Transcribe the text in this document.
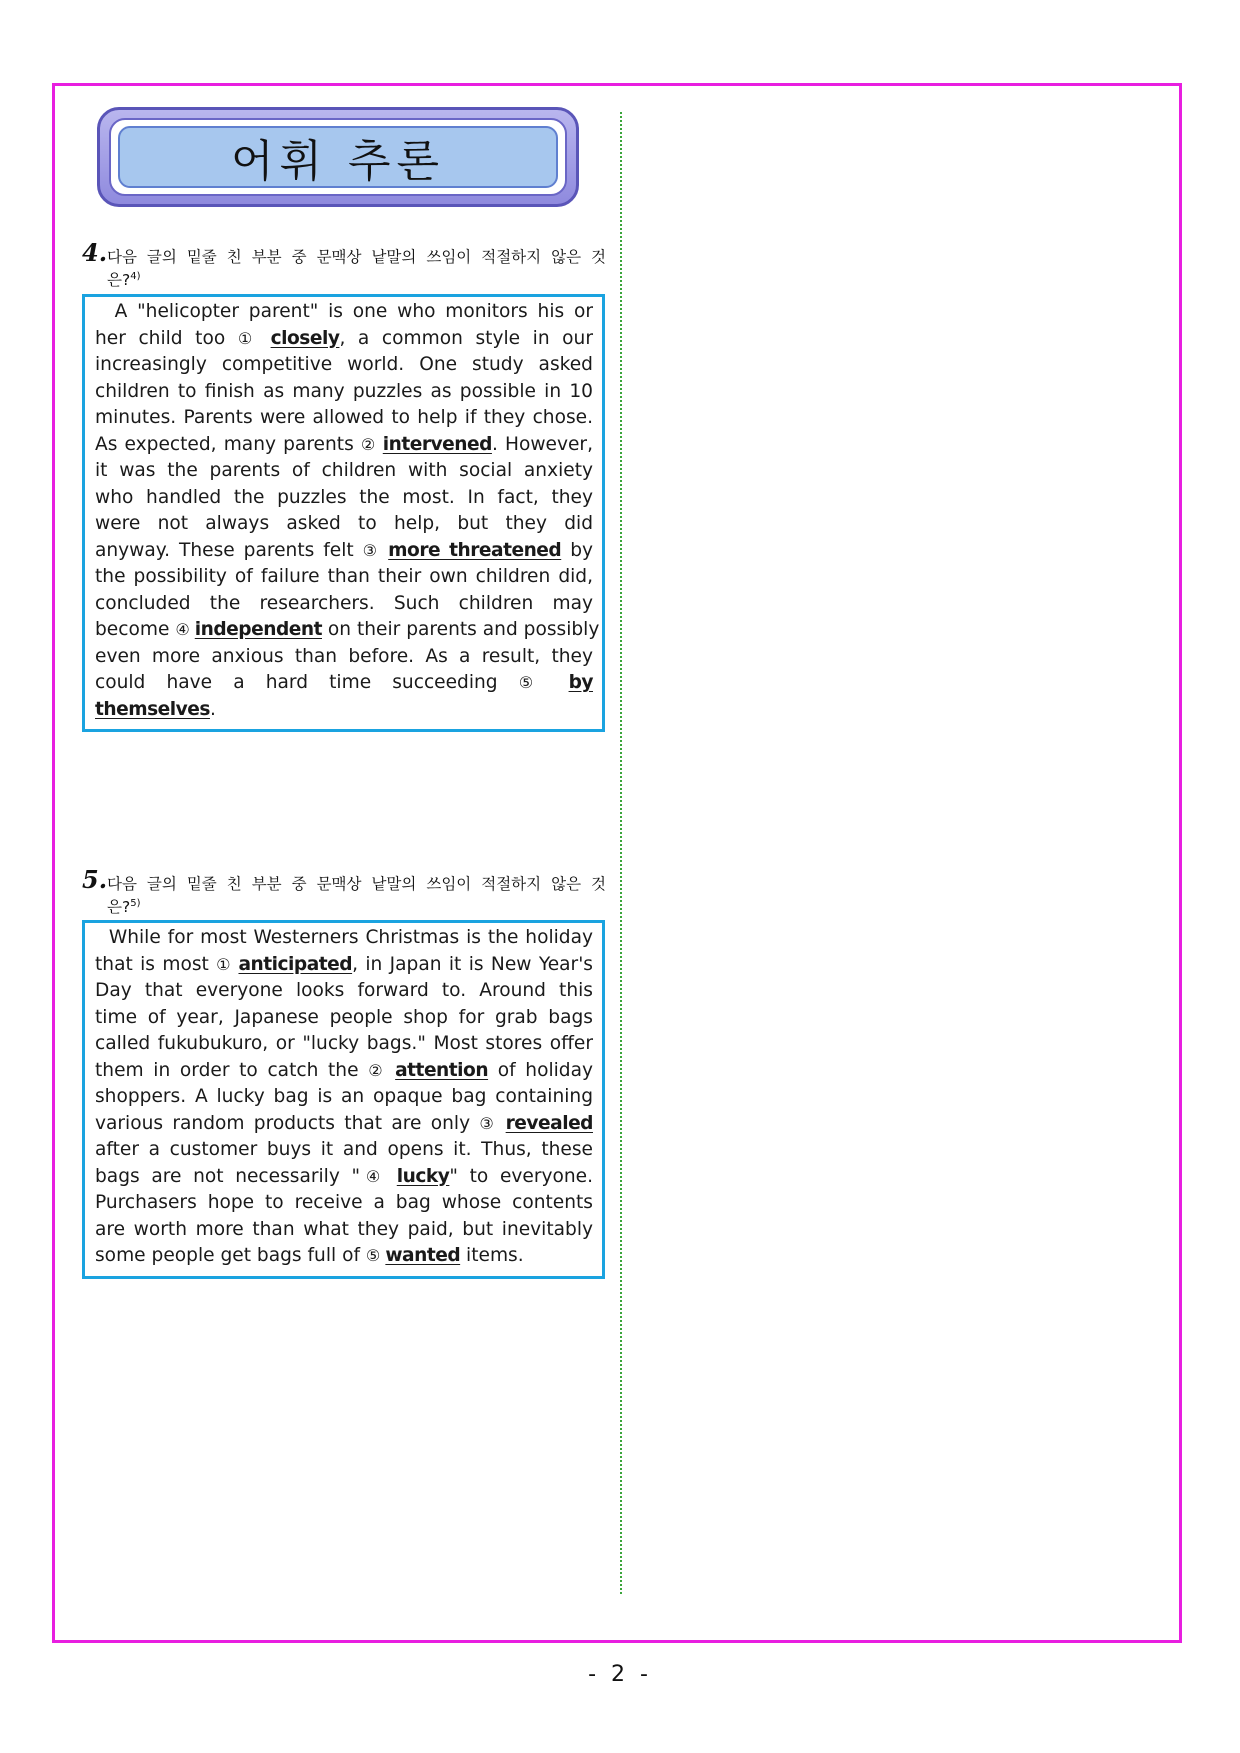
어휘 추론
4. 다음 글의 밑줄 친 부분 중 문맥상 낱말의 쓰임이 적절하지 않은 것
은?$^{4)}$
A "helicopter parent" is one who monitors his or
her child too ① closely, a common style in our
increasingly competitive world. One study asked
children to finish as many puzzles as possible in 10
minutes. Parents were allowed to help if they chose.
As expected, many parents ② intervened. However,
it was the parents of children with social anxiety
who handled the puzzles the most. In fact, they
were not always asked to help, but they did
anyway. These parents felt ③ more threatened by
the possibility of failure than their own children did,
concluded the researchers. Such children may
become ④ independent on their parents and possibly
even more anxious than before. As a result, they
could have a hard time succeeding ⑤ by
themselves.
5. 다음 글의 밑줄 친 부분 중 문맥상 낱말의 쓰임이 적절하지 않은 것
은?$^{5)}$
While for most Westerners Christmas is the holiday
that is most ① anticipated, in Japan it is New Year's
Day that everyone looks forward to. Around this
time of year, Japanese people shop for grab bags
called fukubukuro, or "lucky bags." Most stores offer
them in order to catch the ② attention of holiday
shoppers. A lucky bag is an opaque bag containing
various random products that are only ③ revealed
after a customer buys it and opens it. Thus, these
bags are not necessarily "④ lucky" to everyone.
Purchasers hope to receive a bag whose contents
are worth more than what they paid, but inevitably
some people get bags full of ⑤ wanted items.
- 2 -
